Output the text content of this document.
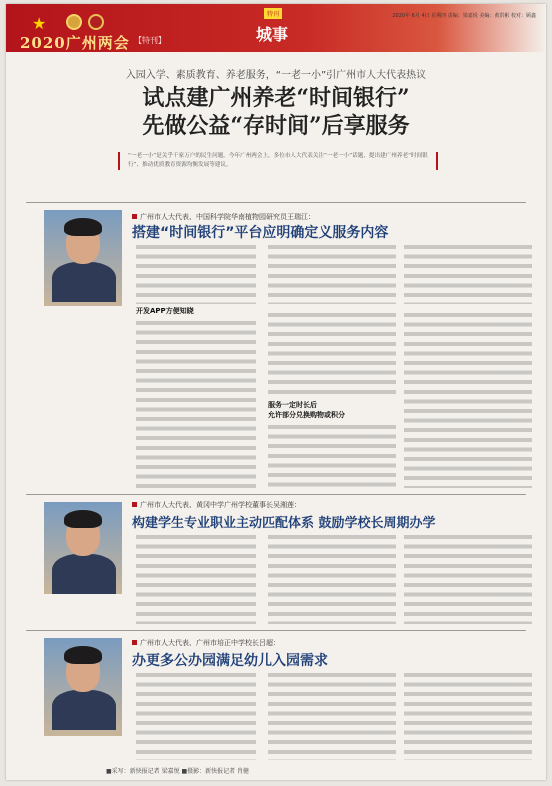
★
2020广州两会 【特刊】
特刊
城事
2020年 6月 4日 星期四 责编：梁嘉悦 美编：黄洪彬 校对：顾鑫
入园入学、素质教育、养老服务，“一老一小”引广州市人大代表热议
试点建广州养老“时间银行”
先做公益“存时间”后享服务
“一老一小”是关乎千家万户的民生问题。今年广州两会上，多位市人大代表关注“一老一小”话题，提出建广州养老“时间银行”、推动优质教育资源均衡发展等建议。
广州市人大代表、中国科学院华南植物园研究员王瑞江：
搭建“时间银行”平台应明确定义服务内容
开发APP方便知晓
服务一定时长后
允许部分兑换购物或积分
广州市人大代表、黄冈中学广州学校董事长吴湘莲：
构建学生专业职业主动匹配体系 鼓励学校长周期办学
广州市人大代表、广州市培正中学校长吕超：
办更多公办园满足幼儿入园需求
■采写：新快报记者 梁嘉悦 ■摄影：新快报记者 肖健
